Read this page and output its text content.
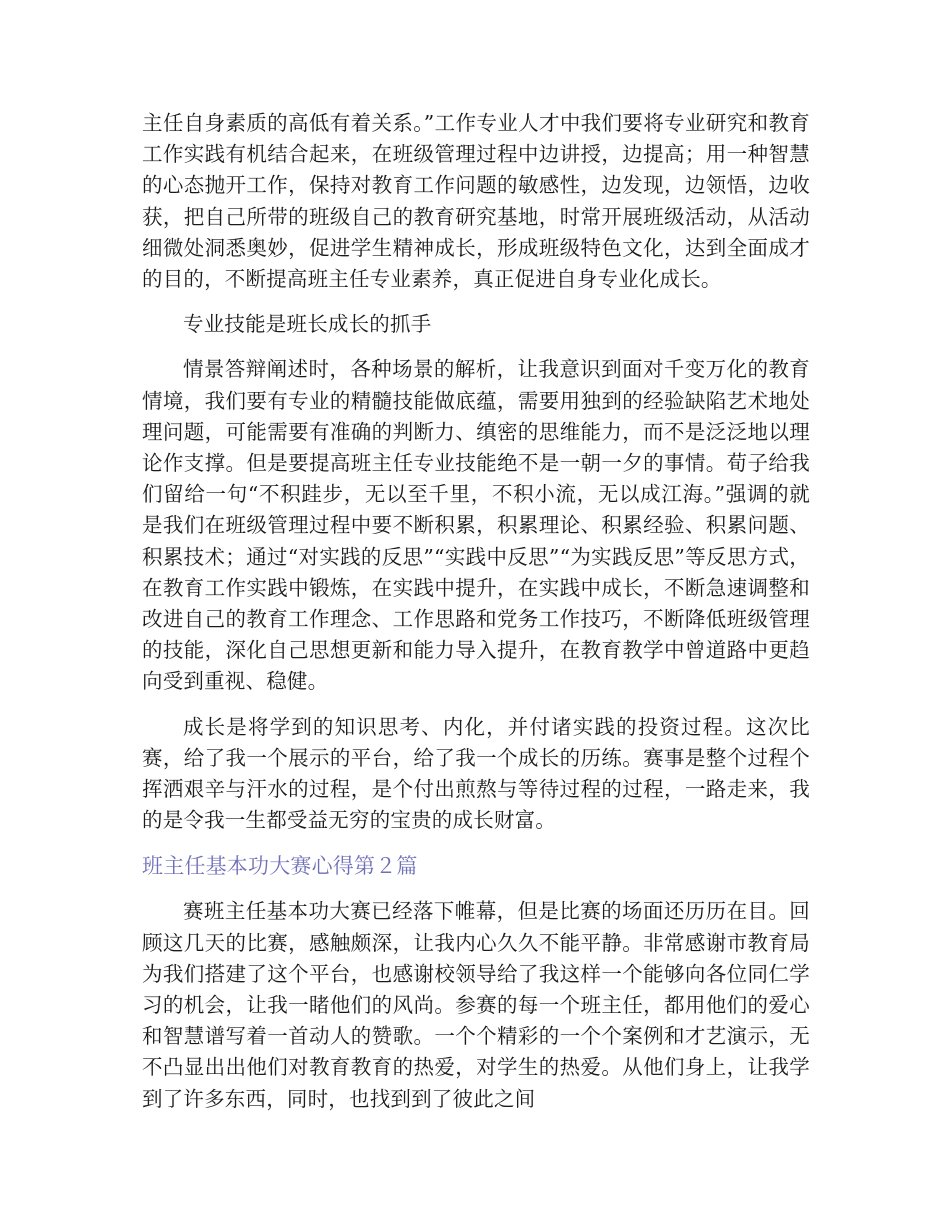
主任自身素质的高低有着关系。”工作专业人才中我们要将专业研究和教育工作实践有机结合起来，在班级管理过程中边讲授，边提高；用一种智慧的心态抛开工作，保持对教育工作问题的敏感性，边发现，边领悟，边收获，把自己所带的班级自己的教育研究基地，时常开展班级活动，从活动细微处洞悉奥妙，促进学生精神成长，形成班级特色文化，达到全面成才的目的，不断提高班主任专业素养，真正促进自身专业化成长。

专业技能是班长成长的抓手

情景答辩阐述时，各种场景的解析，让我意识到面对千变万化的教育情境，我们要有专业的精髓技能做底蕴，需要用独到的经验缺陷艺术地处理问题，可能需要有准确的判断力、缜密的思维能力，而不是泛泛地以理论作支撑。但是要提高班主任专业技能绝不是一朝一夕的事情。荀子给我们留给一句“不积跬步，无以至千里，不积小流，无以成江海。”强调的就是我们在班级管理过程中要不断积累，积累理论、积累经验、积累问题、积累技术；通过“对实践的反思”“实践中反思”“为实践反思”等反思方式，在教育工作实践中锻炼，在实践中提升，在实践中成长，不断急速调整和改进自己的教育工作理念、工作思路和党务工作技巧，不断降低班级管理的技能，深化自己思想更新和能力导入提升，在教育教学中曾道路中更趋向受到重视、稳健。

成长是将学到的知识思考、内化，并付诸实践的投资过程。这次比赛，给了我一个展示的平台，给了我一个成长的历练。赛事是整个过程个挥洒艰辛与汗水的过程，是个付出煎熬与等待过程的过程，一路走来，我的是令我一生都受益无穷的宝贵的成长财富。

班主任基本功大赛心得第２篇

赛班主任基本功大赛已经落下帷幕，但是比赛的场面还历历在目。回顾这几天的比赛，感触颇深，让我内心久久不能平静。非常感谢市教育局为我们搭建了这个平台，也感谢校领导给了我这样一个能够向各位同仁学习的机会，让我一睹他们的风尚。参赛的每一个班主任，都用他们的爱心和智慧谱写着一首动人的赞歌。一个个精彩的一个个案例和才艺演示，无不凸显出出他们对教育教育的热爱，对学生的热爱。从他们身上，让我学到了许多东西，同时，也找到到了彼此之间
